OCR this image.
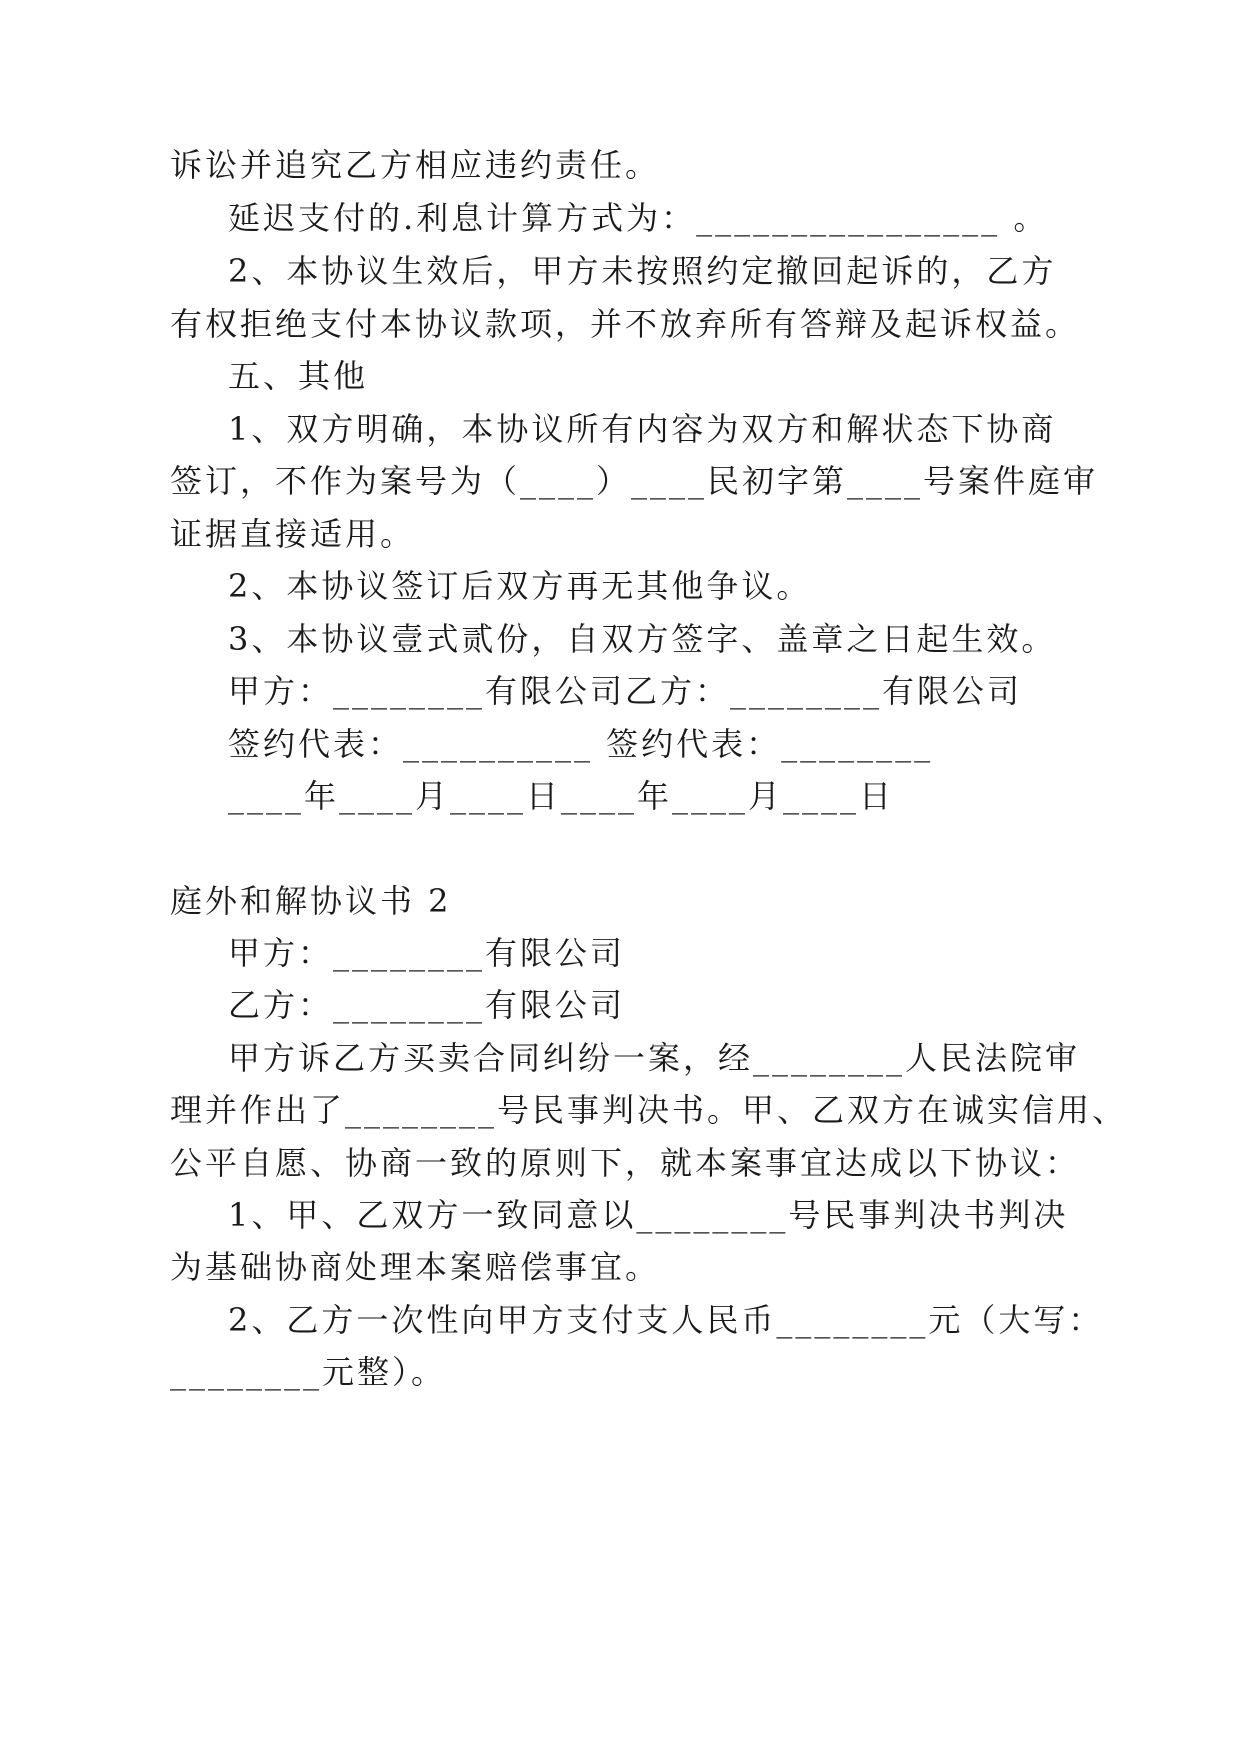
诉讼并追究乙方相应违约责任。
延迟支付的.利息计算方式为：________________ 。
2、本协议生效后，甲方未按照约定撤回起诉的，乙方
有权拒绝支付本协议款项，并不放弃所有答辩及起诉权益。
五、其他
1、双方明确，本协议所有内容为双方和解状态下协商
签订，不作为案号为（____）____民初字第____号案件庭审
证据直接适用。
2、本协议签订后双方再无其他争议。
3、本协议壹式贰份，自双方签字、盖章之日起生效。
甲方：________有限公司乙方：________有限公司
签约代表：__________ 签约代表：________
____年____月____日____年____月____日
庭外和解协议书 2
甲方：________有限公司
乙方：________有限公司
甲方诉乙方买卖合同纠纷一案，经________人民法院审
理并作出了________号民事判决书。甲、乙双方在诚实信用、
公平自愿、协商一致的原则下，就本案事宜达成以下协议：
1、甲、乙双方一致同意以________号民事判决书判决
为基础协商处理本案赔偿事宜。
2、乙方一次性向甲方支付支人民币________元（大写：
________元整）。
